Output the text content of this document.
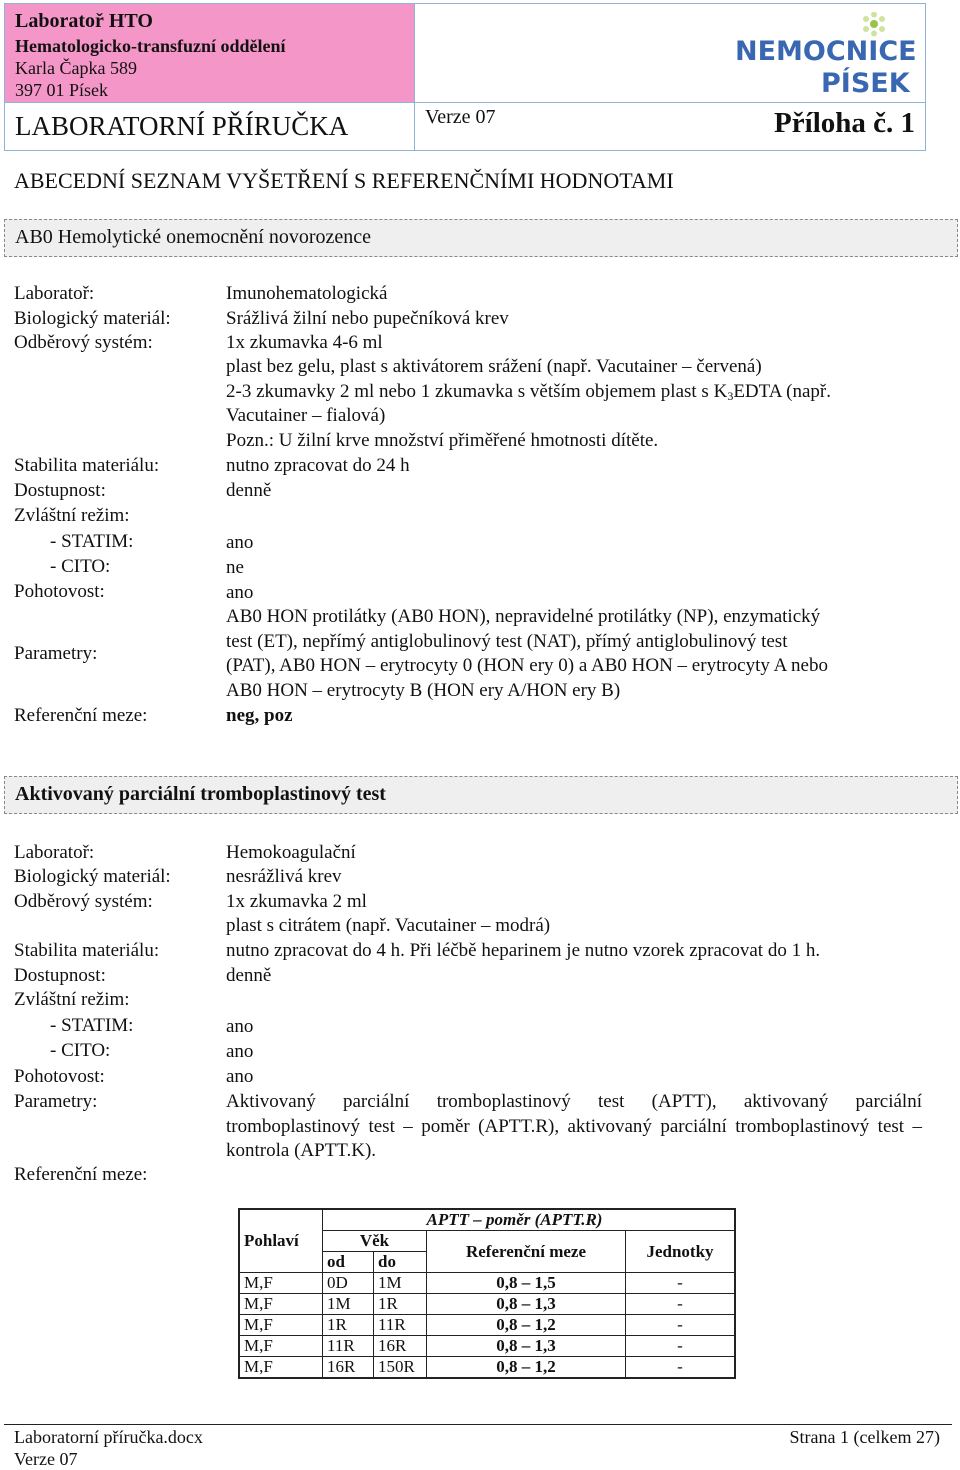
Laboratoř HTO
Hematologicko-transfuzní oddělení
Karla Čapka 589
397 01 Písek
NEMOCNICE
PÍSEK
LABORATORNÍ PŘÍRUČKA	Verze 07	Příloha č. 1
ABECEDNÍ SEZNAM VYŠETŘENÍ S REFERENČNÍMI HODNOTAMI
AB0 Hemolytické onemocnění novorozence
Laboratoř:	Imunohematologická
Biologický materiál:	Srážlivá žilní nebo pupečníková krev
Odběrový systém:	1x zkumavka 4-6 ml
plast bez gelu, plast s aktivátorem srážení (např. Vacutainer – červená)
2-3 zkumavky 2 ml nebo 1 zkumavka s větším objemem plast s $K_3EDTA$ (např.
Vacutainer – fialová)
Pozn.: U žilní krve množství přiměřené hmotnosti dítěte.
Stabilita materiálu:	nutno zpracovat do 24 h
Dostupnost:	denně
Zvláštní režim:
- STATIM:	ano
- CITO:	ne
Pohotovost:	ano
AB0 HON protilátky (AB0 HON), nepravidelné protilátky (NP), enzymatický
Parametry:
test (ET), nepřímý antiglobulinový test (NAT), přímý antiglobulinový test
(PAT), AB0 HON – erytrocyty 0 (HON ery 0) a AB0 HON – erytrocyty A nebo
AB0 HON – erytrocyty B (HON ery A/HON ery B)
Referenční meze:	neg, poz
Aktivovaný parciální tromboplastinový test
Laboratoř:	Hemokoagulační
Biologický materiál:	nesrážlivá krev
Odběrový systém:	1x zkumavka 2 ml
plast s citrátem (např. Vacutainer – modrá)
Stabilita materiálu:	nutno zpracovat do 4 h. Při léčbě heparinem je nutno vzorek zpracovat do 1 h.
Dostupnost:	denně
Zvláštní režim:
- STATIM:	ano
- CITO:	ano
Pohotovost:	ano
Parametry:	Aktivovaný parciální tromboplastinový test (APTT), aktivovaný parciální tromboplastinový test – poměr (APTT.R), aktivovaný parciální tromboplastinový test – kontrola (APTT.K).
Referenční meze:
Pohlaví			APTT – poměr (APTT.R)	
	Věk		Referenční meze	Jednotky
	od	do		
M,F	0D	1M	0,8 – 1,5	-
M,F	1M	1R	0,8 – 1,3	-
M,F	1R	11R	0,8 – 1,2	-
M,F	11R	16R	0,8 – 1,3	-
M,F	16R	150R	0,8 – 1,2	-
Laboratorní příručka.docx
Verze 07
Strana 1 (celkem 27)
